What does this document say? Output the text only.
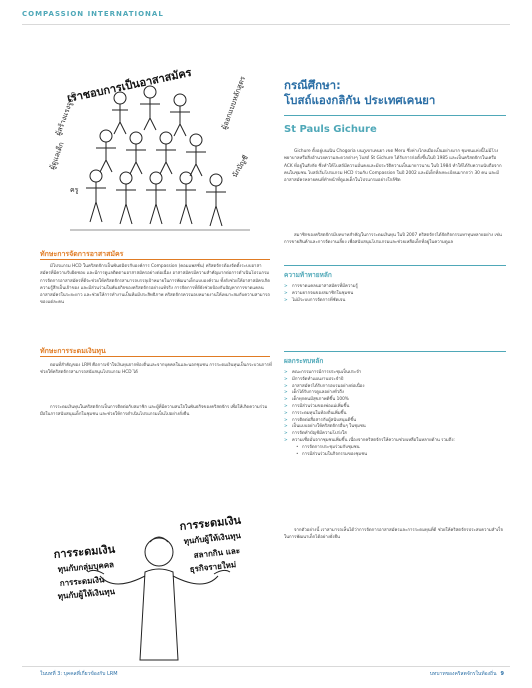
COMPASSION INTERNATIONAL
เราชอบการเป็นอาสาสมัคร
ผู้สร้างแรงจูงใจ	ผู้ออกแบบหลักสูตร
ผู้ดูแลเด็ก	นักบัญชี
ครู
ทักษะการจัดการอาสาสมัคร

มีโปรแกรม HCD ในคริสตจักรเป็นพันธมิตรกับองค์การ Compassion (คอมแพสชั่น) คริสตจักรต้องจัดตั้งระบบอาสาสมัครที่มีความรับผิดชอบ และมีการดูแลติดตามอาสาสมัครอย่างต่อเนื่อง อาสาสมัครมีความสำคัญมากต่อการดำเนินโปรแกรม การจัดการอาสาสมัครที่ดีจะช่วยให้คริสตจักรสามารถบรรลุเป้าหมายในการพัฒนาเด็กแบบองค์รวม ทั้งยังช่วยให้อาสาสมัครเกิดความรู้สึกเป็นเจ้าของ และมีส่วนร่วมในพันธกิจของคริสตจักรอย่างแท้จริง การจัดการที่ดียังช่วยป้องกันปัญหาการขาดแคลนอาสาสมัครในระยะยาว และช่วยให้การทำงานเป็นทีมมีประสิทธิภาพ คริสตจักรควรมอบหมายงานให้เหมาะสมกับความสามารถของแต่ละคน

ทักษะการระดมเงินทุน

ตอนที่สำคัญของ LRM คือการเข้าใจเงินทุนจากท้องถิ่นและจากบุคคลในและนอกชุมชน การระดมเงินทุนเป็นกระบวนการที่ช่วยให้คริสตจักรสามารถสนับสนุนโปรแกรม HCD ได้

การระดมเงินทุนในคริสตจักรเป็นการติดต่อกับสมาชิก และผู้ที่มีความสนใจในพันธกิจของคริสตจักร เพื่อให้เกิดความร่วมมือในการสนับสนุนเด็กในชุมชน และช่วยให้การดำเนินโปรแกรมเป็นไปอย่างยั่งยืน

การระดมเงิน
ทุนกับกลุ่มบุคคล
การระดมเงิน
ทุนกับผู้ให้เงินทุน
การระดมเงิน
ทุนกับผู้ให้เงินทุน
สลากกิน และ
ธุรกิจรายใหม่
กรณีศึกษา:
โบสถ์แองกลิกัน ประเทศเคนยา
St Pauls Gichure

Gichure ตั้งอยู่บนเนิน Chogoria บนภูเขาเคนยา เขต Meru ซึ่งห่างไกลเมืองเป็นอย่างมาก ชุมชนแห่งนี้ไม่มีโรงพยาบาลหรือสิ่งอำนวยความสะดวกต่างๆ โบสถ์ St Gichure ได้รับการก่อตั้งขึ้นในปี 1985 และเป็นคริสตจักรในเครือ ACK ที่อยู่ในสังกัด ซึ่งทำให้โบสถ์มีความมั่นคงและมีประวัติความเป็นมายาวนาน ในปี 1984 ทำให้ได้รับความนับถือจากคนในชุมชน โบสถ์เริ่มโปรแกรม HCD ร่วมกับ Compassion ในปี 2002 และมีเด็กที่ลงทะเบียนมากกว่า 30 คน และมีอาสาสมัครหลายคนที่ทำหน้าที่ดูแลเด็กในโปรแกรมอย่างใกล้ชิด

สมาชิกของคริสตจักรมีบทบาทสำคัญในการระดมเงินทุน ในปี 2007 คริสตจักรได้จัดกิจกรรมหาทุนหลายอย่าง เช่น การขายสินค้าและการจัดงานเลี้ยง เพื่อสนับสนุนโปรแกรมและช่วยเหลือเด็กที่อยู่ในความดูแล

ความท้าทายหลัก
> การขาดแคลนอาสาสมัครที่มีความรู้
> ความยากจนของสมาชิกในชุมชน
> ไม่มีระบบการจัดการที่ชัดเจน
ผลกระทบหลัก
> คณะกรรมการมีการประชุมเป็นประจำ
> มีการจัดทำแผนงานประจำปี
> อาสาสมัครได้รับการอบรมอย่างต่อเนื่อง
> เด็กได้รับการดูแลอย่างทั่วถึง
> เด็กทุกคนมีสุขภาพดีขึ้น 100%
> การมีส่วนร่วมของพ่อแม่เพิ่มขึ้น
> การระดมทุนในท้องถิ่นเพิ่มขึ้น
> การติดต่อสื่อสารกับผู้สนับสนุนดีขึ้น
> เป็นแบบอย่างให้คริสตจักรอื่นๆ ในชุมชน
> การจัดทำบัญชีมีความโปร่งใส
> ความเชื่อมั่นจากชุมชนเพิ่มขึ้น เนื่องจากคริสตจักรให้ความช่วยเหลือในหลายด้าน รวมถึง:
• การจัดการประชุมร่วมกับชุมชน
• การมีส่วนร่วมในกิจกรรมของชุมชน

จากตัวอย่างนี้ เราสามารถเห็นได้ว่าการจัดการอาสาสมัครและการระดมทุนที่ดี ช่วยให้คริสตจักรประสบความสำเร็จในการพัฒนาเด็กได้อย่างยั่งยืน

ในบทที่ 3: บุคคลที่เกี่ยวข้องกับ LRM	บทบาทของคริสตจักรในท้องถิ่น 9
